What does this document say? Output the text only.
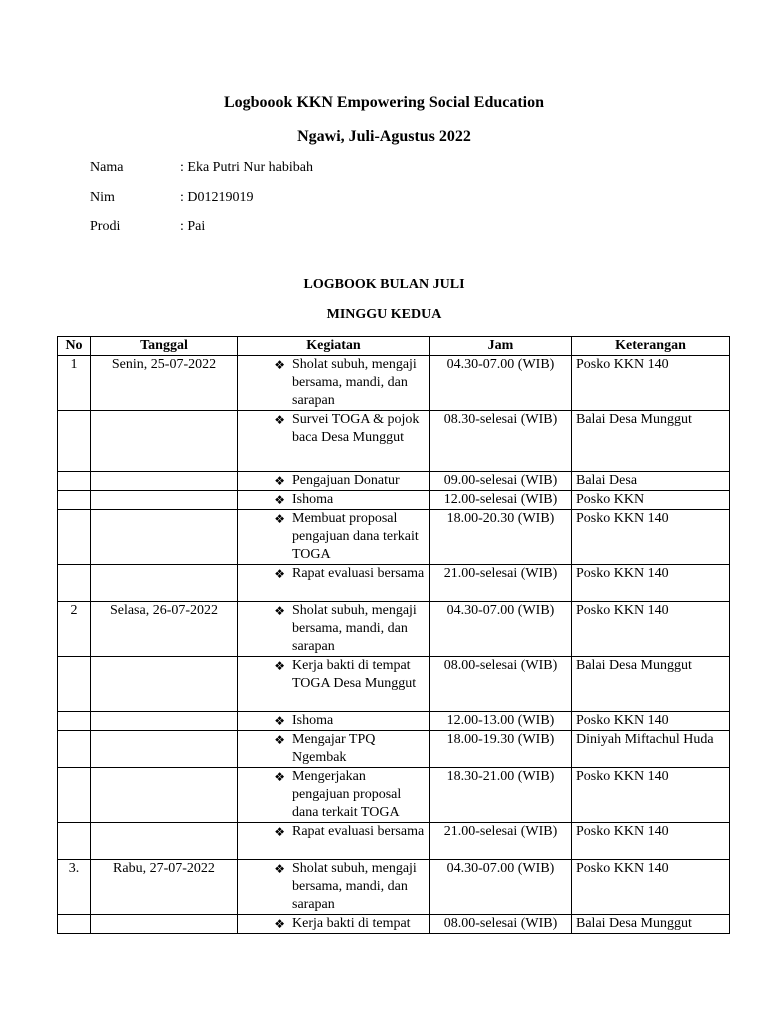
Logboook KKN Empowering Social Education
Ngawi, Juli-Agustus 2022
Nama	: Eka Putri Nur habibah
Nim	: D01219019
Prodi	: Pai
LOGBOOK BULAN JULI
MINGGU KEDUA
No	Tanggal	Kegiatan	Jam	Keterangan
1	Senin, 25-07-2022	❖ Sholat subuh, mengaji bersama, mandi, dan sarapan	04.30-07.00 (WIB)	Posko KKN 140

		❖ Survei TOGA & pojok baca Desa Munggut	08.30-selesai (WIB)	Balai Desa Munggut

		❖ Pengajuan Donatur	09.00-selesai (WIB)	Balai Desa

		❖ Ishoma	12.00-selesai (WIB)	Posko KKN

		❖ Membuat proposal pengajuan dana terkait TOGA	18.00-20.30 (WIB)	Posko KKN 140

		❖ Rapat evaluasi bersama	21.00-selesai (WIB)	Posko KKN 140
2	Selasa, 26-07-2022	❖ Sholat subuh, mengaji bersama, mandi, dan sarapan	04.30-07.00 (WIB)	Posko KKN 140

		❖ Kerja bakti di tempat TOGA Desa Munggut	08.00-selesai (WIB)	Balai Desa Munggut

		❖ Ishoma	12.00-13.00 (WIB)	Posko KKN 140

		❖ Mengajar TPQ Ngembak	18.00-19.30 (WIB)	Diniyah Miftachul Huda

		❖ Mengerjakan pengajuan proposal dana terkait TOGA	18.30-21.00 (WIB)	Posko KKN 140

		❖ Rapat evaluasi bersama	21.00-selesai (WIB)	Posko KKN 140
3.	Rabu, 27-07-2022	❖ Sholat subuh, mengaji bersama, mandi, dan sarapan	04.30-07.00 (WIB)	Posko KKN 140

		❖ Kerja bakti di tempat	08.00-selesai (WIB)	Balai Desa Munggut
